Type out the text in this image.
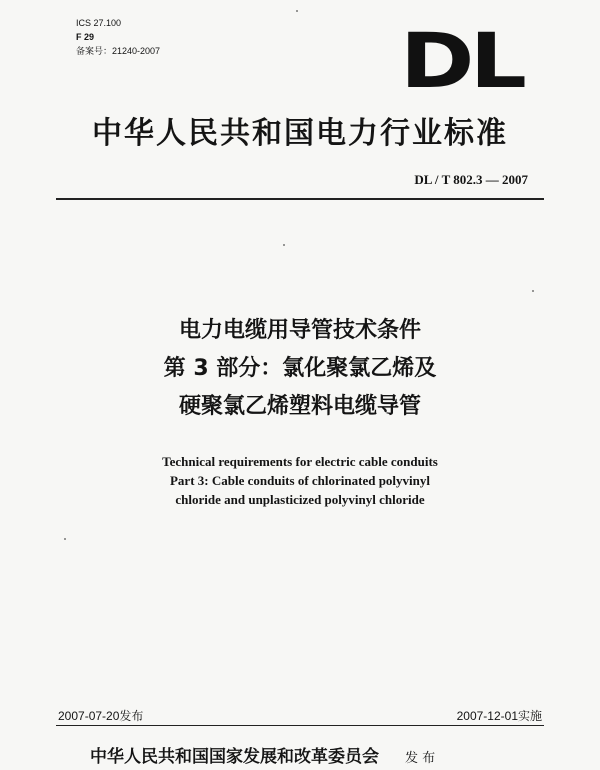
ICS 27.100
F 29
备案号：21240-2007	DL
中华人民共和国电力行业标准
DL / T 802.3 — 2007
电力电缆用导管技术条件
第 3 部分：氯化聚氯乙烯及
硬聚氯乙烯塑料电缆导管
Technical requirements for electric cable conduits
Part 3: Cable conduits of chlorinated polyvinyl
chloride and unplasticized polyvinyl chloride
2007-07-20发布	2007-12-01实施
中华人民共和国国家发展和改革委员会 发 布
